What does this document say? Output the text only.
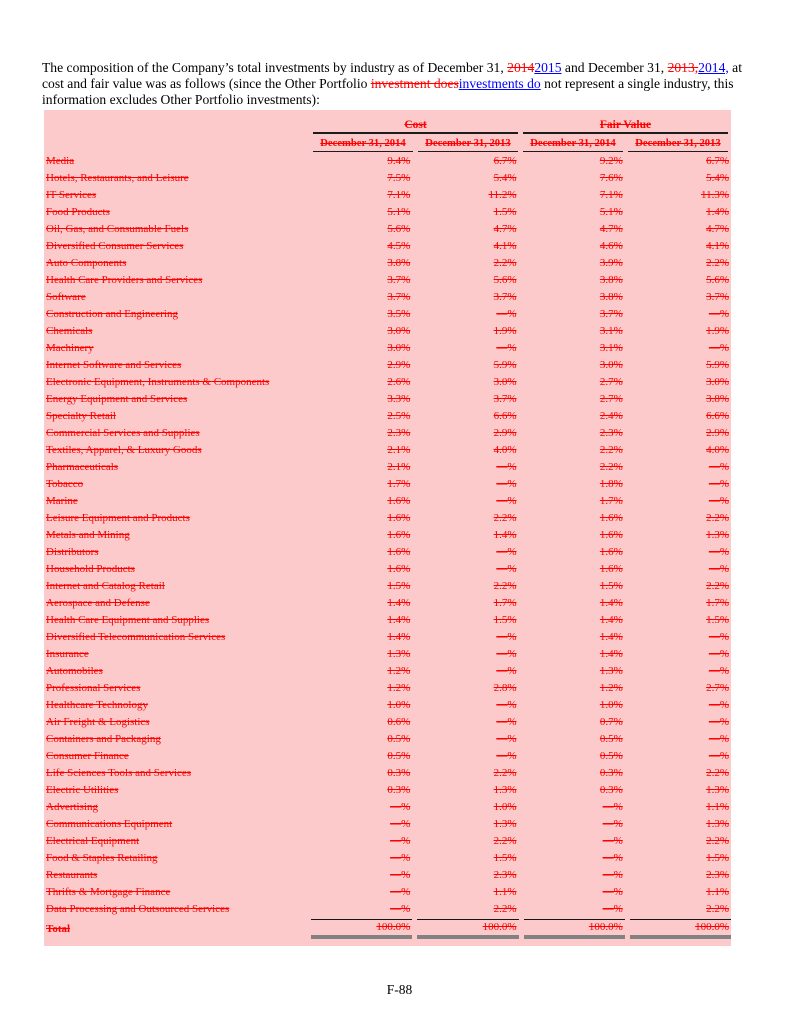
The composition of the Company’s total investments by industry as of December 31, 20142015 and December 31, 2013,2014, at cost and fair value was as follows (since the Other Portfolio investment doesinvestments do not represent a single industry, this information excludes Other Portfolio investments):

Cost	Fair Value
December 31, 2014	December 31, 2013	December 31, 2014	December 31, 2013
Media	9.4%	6.7%	9.2%	6.7%
Hotels, Restaurants, and Leisure	7.5%	5.4%	7.6%	5.4%
IT Services	7.1%	11.2%	7.1%	11.3%
Food Products	5.1%	1.5%	5.1%	1.4%
Oil, Gas, and Consumable Fuels	5.6%	4.7%	4.7%	4.7%
Diversified Consumer Services	4.5%	4.1%	4.6%	4.1%
Auto Components	3.8%	2.2%	3.9%	2.2%
Health Care Providers and Services	3.7%	5.6%	3.8%	5.6%
Software	3.7%	3.7%	3.8%	3.7%
Construction and Engineering	3.5%	—%	3.7%	—%
Chemicals	3.0%	1.9%	3.1%	1.9%
Machinery	3.0%	—%	3.1%	—%
Internet Software and Services	2.9%	5.9%	3.0%	5.9%
Electronic Equipment, Instruments & Components	2.6%	3.0%	2.7%	3.0%
Energy Equipment and Services	3.3%	3.7%	2.7%	3.8%
Specialty Retail	2.5%	6.6%	2.4%	6.6%
Commercial Services and Supplies	2.3%	2.9%	2.3%	2.9%
Textiles, Apparel, & Luxury Goods	2.1%	4.0%	2.2%	4.0%
Pharmaceuticals	2.1%	—%	2.2%	—%
Tobacco	1.7%	—%	1.8%	—%
Marine	1.6%	—%	1.7%	—%
Leisure Equipment and Products	1.6%	2.2%	1.6%	2.2%
Metals and Mining	1.6%	1.4%	1.6%	1.3%
Distributors	1.6%	—%	1.6%	—%
Household Products	1.6%	—%	1.6%	—%
Internet and Catalog Retail	1.5%	2.2%	1.5%	2.2%
Aerospace and Defense	1.4%	1.7%	1.4%	1.7%
Health Care Equipment and Supplies	1.4%	1.5%	1.4%	1.5%
Diversified Telecommunication Services	1.4%	—%	1.4%	—%
Insurance	1.3%	—%	1.4%	—%
Automobiles	1.2%	—%	1.3%	—%
Professional Services	1.2%	2.8%	1.2%	2.7%
Healthcare Technology	1.0%	—%	1.0%	—%
Air Freight & Logistics	0.6%	—%	0.7%	—%
Containers and Packaging	0.5%	—%	0.5%	—%
Consumer Finance	0.5%	—%	0.5%	—%
Life Sciences Tools and Services	0.3%	2.2%	0.3%	2.2%
Electric Utilities	0.3%	1.3%	0.3%	1.3%
Advertising	—%	1.0%	—%	1.1%
Communications Equipment	—%	1.3%	—%	1.3%
Electrical Equipment	—%	2.2%	—%	2.2%
Food & Staples Retailing	—%	1.5%	—%	1.5%
Restaurants	—%	2.3%	—%	2.3%
Thrifts & Mortgage Finance	—%	1.1%	—%	1.1%
Data Processing and Outsourced Services	—%	2.2%	—%	2.2%
Total	100.0%	100.0%	100.0%	100.0%
F-88
